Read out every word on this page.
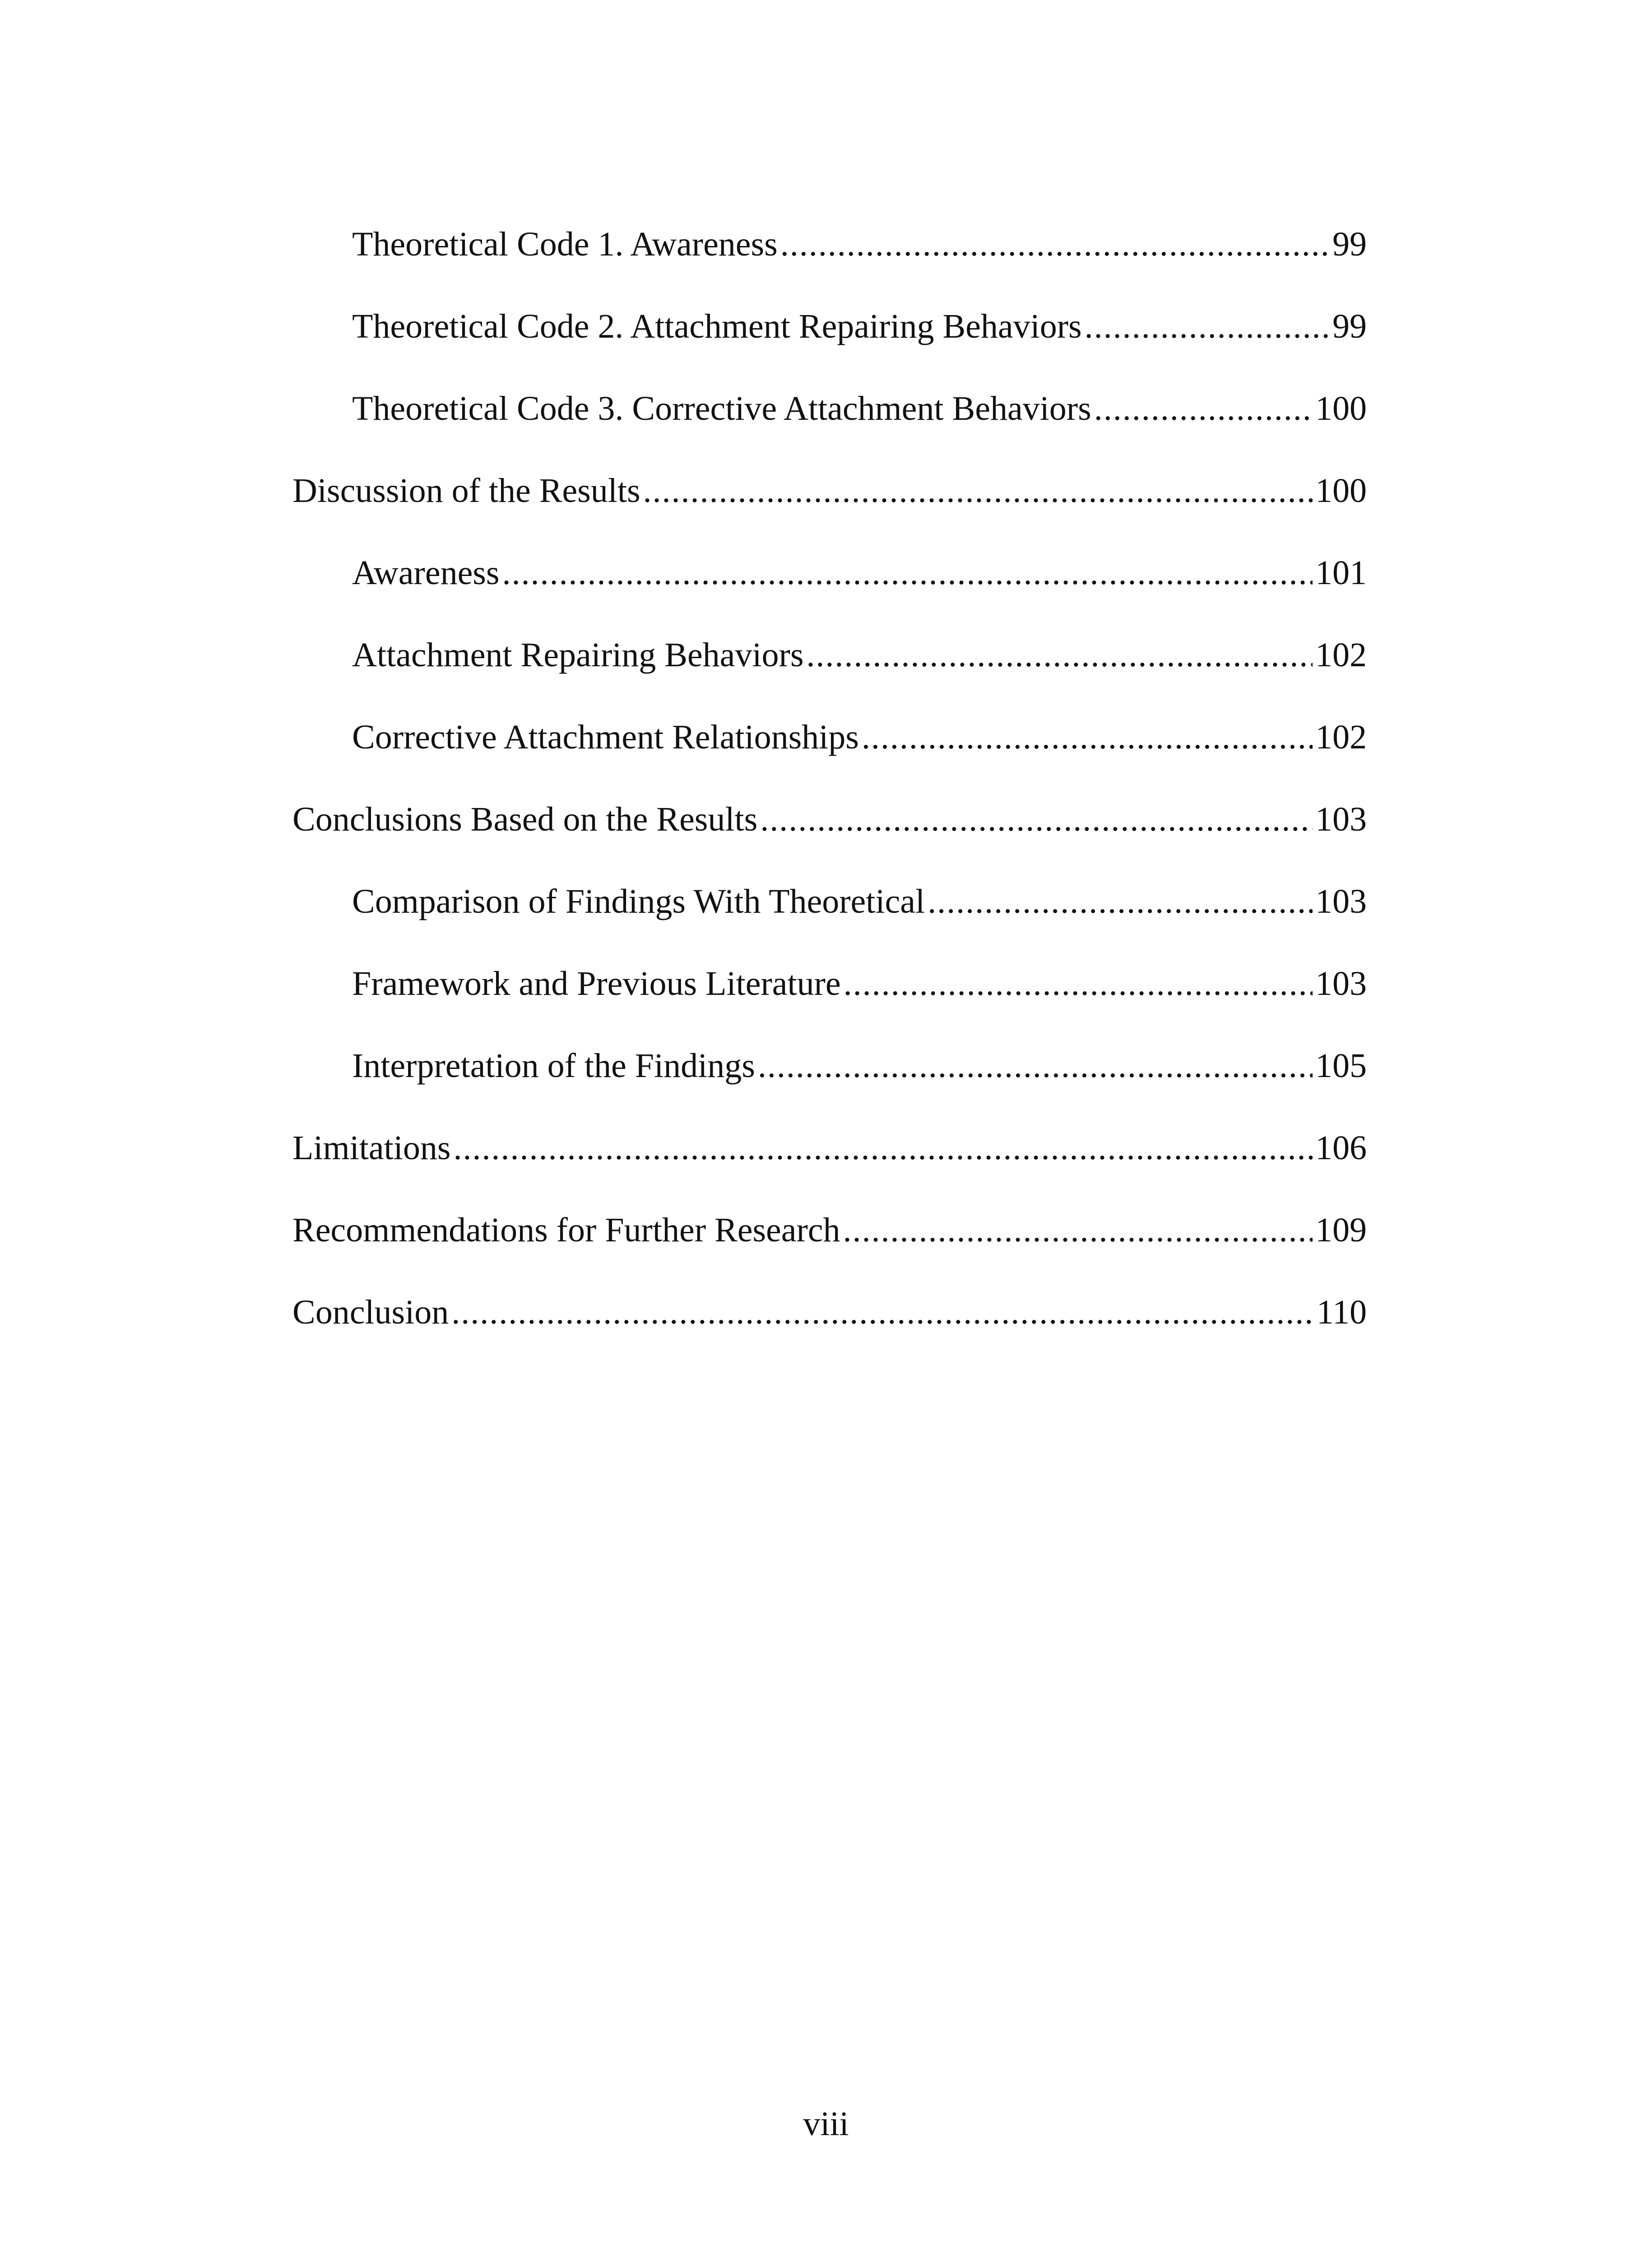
Theoretical Code 1. Awareness .....	99
Theoretical Code 2. Attachment Repairing Behaviors .....	99
Theoretical Code 3. Corrective Attachment Behaviors .....	100
Discussion of the Results .....	100
Awareness .....	101
Attachment Repairing Behaviors .....	102
Corrective Attachment Relationships .....	102
Conclusions Based on the Results .....	103
Comparison of Findings With Theoretical .....	103
Framework and Previous Literature .....	103
Interpretation of the Findings .....	105
Limitations .....	106
Recommendations for Further Research .....	109
Conclusion .....	110
viii
